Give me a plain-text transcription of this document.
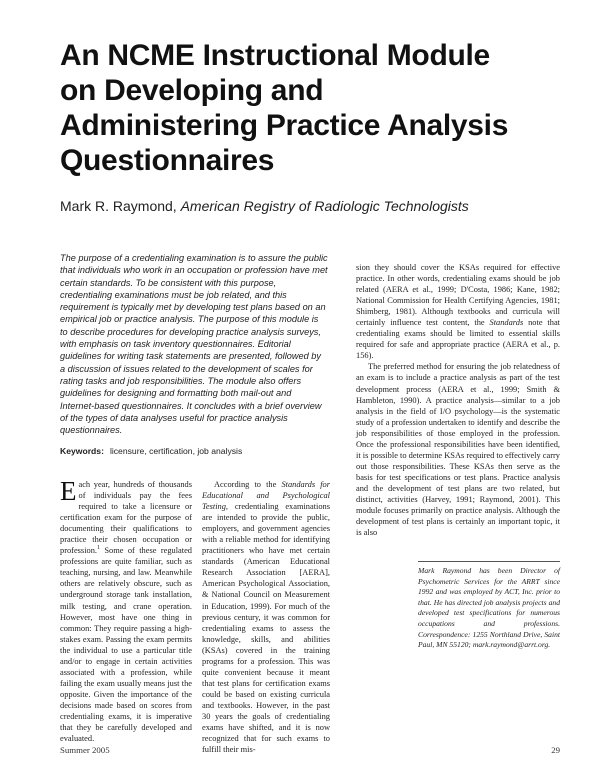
An NCME Instructional Module
on Developing and
Administering Practice Analysis
Questionnaires
Mark R. Raymond, American Registry of Radiologic Technologists

The purpose of a credentialing examination is to assure the public that individuals who work in an occupation or profession have met certain standards. To be consistent with this purpose, credentialing examinations must be job related, and this requirement is typically met by developing test plans based on an empirical job or practice analysis. The purpose of this module is to describe procedures for developing practice analysis surveys, with emphasis on task inventory questionnaires. Editorial guidelines for writing task statements are presented, followed by a discussion of issues related to the development of scales for rating tasks and job responsibilities. The module also offers guidelines for designing and formatting both mail-out and Internet-based questionnaires. It concludes with a brief overview of the types of data analyses useful for practice analysis questionnaires.

Keywords: licensure, certification, job analysis

Each year, hundreds of thousands of individuals pay the fees required to take a licensure or certification exam for the purpose of documenting their qualifications to practice their chosen occupation or profession.$^1$ Some of these regulated professions are quite familiar, such as teaching, nursing, and law. Meanwhile others are relatively obscure, such as underground storage tank installation, milk testing, and crane operation. However, most have one thing in common: They require passing a high-stakes exam. Passing the exam permits the individual to use a particular title and/or to engage in certain activities associated with a profession, while failing the exam usually means just the opposite. Given the importance of the decisions made based on scores from credentialing exams, it is imperative that they be carefully developed and evaluated.

According to the Standards for Educational and Psychological Testing, credentialing examinations are intended to provide the public, employers, and government agencies with a reliable method for identifying practitioners who have met certain standards (American Educational Research Association [AERA], American Psychological Association, & National Council on Measurement in Education, 1999). For much of the previous century, it was common for credentialing exams to assess the knowledge, skills, and abilities (KSAs) covered in the training programs for a profession. This was quite convenient because it meant that test plans for certification exams could be based on existing curricula and textbooks. However, in the past 30 years the goals of credentialing exams have shifted, and it is now recognized that for such exams to fulfill their mis-

sion they should cover the KSAs required for effective practice. In other words, credentialing exams should be job related (AERA et al., 1999; D'Costa, 1986; Kane, 1982; National Commission for Health Certifying Agencies, 1981; Shimberg, 1981). Although textbooks and curricula will certainly influence test content, the Standards note that credentialing exams should be limited to essential skills required for safe and appropriate practice (AERA et al., p. 156).

The preferred method for ensuring the job relatedness of an exam is to include a practice analysis as part of the test development process (AERA et al., 1999; Smith & Hambleton, 1990). A practice analysis—similar to a job analysis in the field of I/O psychology—is the systematic study of a profession undertaken to identify and describe the job responsibilities of those employed in the profession. Once the professional responsibilities have been identified, it is possible to determine KSAs required to effectively carry out those responsibilities. These KSAs then serve as the basis for test specifications or test plans. Practice analysis and the development of test plans are two related, but distinct, activities (Harvey, 1991; Raymond, 2001). This module focuses primarily on practice analysis. Although the development of test plans is certainly an important topic, it is also

Mark Raymond has been Director of Psychometric Services for the ARRT since 1992 and was employed by ACT, Inc. prior to that. He has directed job analysis projects and developed test specifications for numerous occupations and professions. Correspondence: 1255 Northland Drive, Saint Paul, MN 55120; mark.raymond@arrt.org.

Summer 2005	29
